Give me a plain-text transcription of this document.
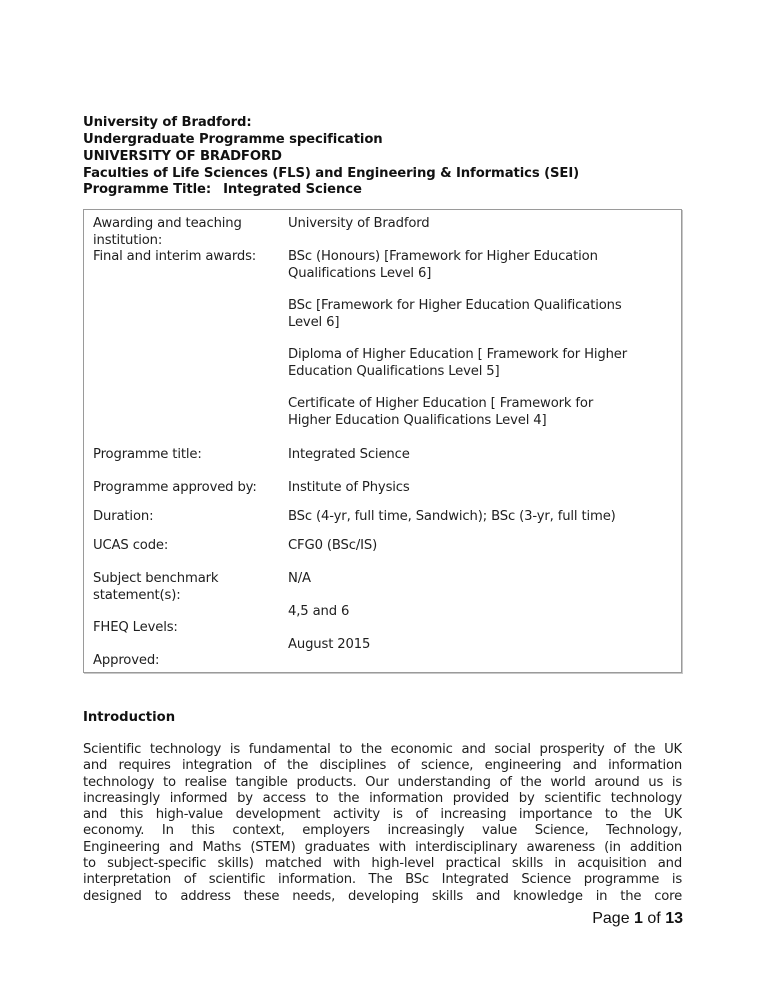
University of Bradford:
Undergraduate Programme specification
UNIVERSITY OF BRADFORD
Faculties of Life Sciences (FLS) and Engineering & Informatics (SEI)
Programme Title: Integrated Science
Awarding and teaching
institution:
University of Bradford
Final and interim awards:	BSc (Honours) [Framework for Higher Education
Qualifications Level 6]
BSc [Framework for Higher Education Qualifications
Level 6]
Diploma of Higher Education [ Framework for Higher
Education Qualifications Level 5]
Certificate of Higher Education [ Framework for
Higher Education Qualifications Level 4]
Programme title:	Integrated Science
Programme approved by:	Institute of Physics
Duration:	BSc (4-yr, full time, Sandwich); BSc (3-yr, full time)
UCAS code:	CFG0 (BSc/IS)
Subject benchmark
statement(s):
N/A
FHEQ Levels:
4,5 and 6
Approved:
August 2015
Introduction
Scientific technology is fundamental to the economic and social prosperity of the UK
and requires integration of the disciplines of science, engineering and information
technology to realise tangible products. Our understanding of the world around us is
increasingly informed by access to the information provided by scientific technology
and this high-value development activity is of increasing importance to the UK
economy. In this context, employers increasingly value Science, Technology,
Engineering and Maths (STEM) graduates with interdisciplinary awareness (in addition
to subject-specific skills) matched with high-level practical skills in acquisition and
interpretation of scientific information. The BSc Integrated Science programme is
designed to address these needs, developing skills and knowledge in the core
Page 1 of 13
